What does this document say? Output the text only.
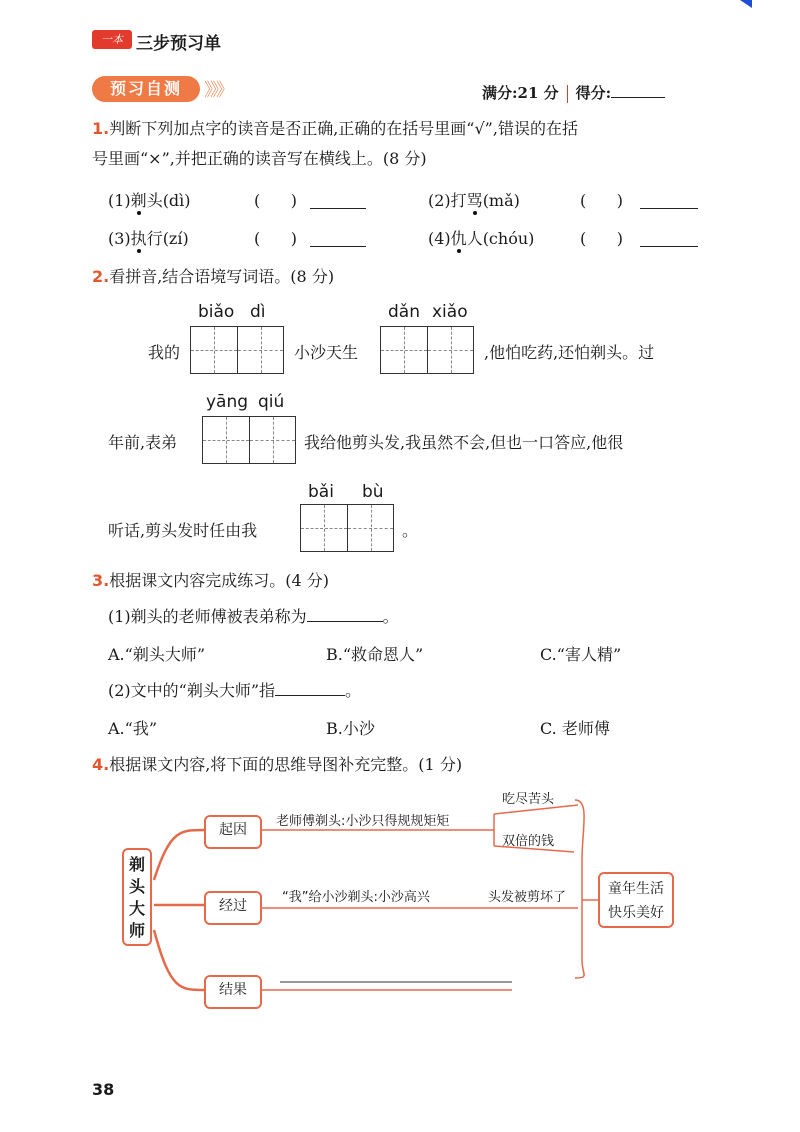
一本 三步预习单
预习自测	》》》	满分:21 分 得分:
1.判断下列加点字的读音是否正确,正确的在括号里画“√”,错误的在括
号里画“×”,并把正确的读音写在横线上。(8 分)
(1)剃头(dì)	(      )	(2)打骂(mǎ)	(      )
(3)执行(zí)	(      )	(4)仇人(chóu)	(      )
2.看拼音,结合语境写词语。(8 分)
biǎo dì	dǎn xiǎo
我的	小沙天生	,他怕吃药,还怕剃头。过
yāng qiú
年前,表弟	我给他剪头发,我虽然不会,但也一口答应,他很
bǎi bù
听话,剪头发时任由我	。
3.根据课文内容完成练习。(4 分)
(1)剃头的老师傅被表弟称为	。
A.“剃头大师”	B.“救命恩人”	C.“害人精”
(2)文中的“剃头大师”指	。
A.“我”	B.小沙	C. 老师傅
4.根据课文内容,将下面的思维导图补充完整。(1 分)
剃头大师
起因
经过
结果
老师傅剃头:小沙只得规规矩矩
吃尽苦头
双倍的钱
“我”给小沙剃头:小沙高兴	头发被剪坏了
童年生活
快乐美好
38
